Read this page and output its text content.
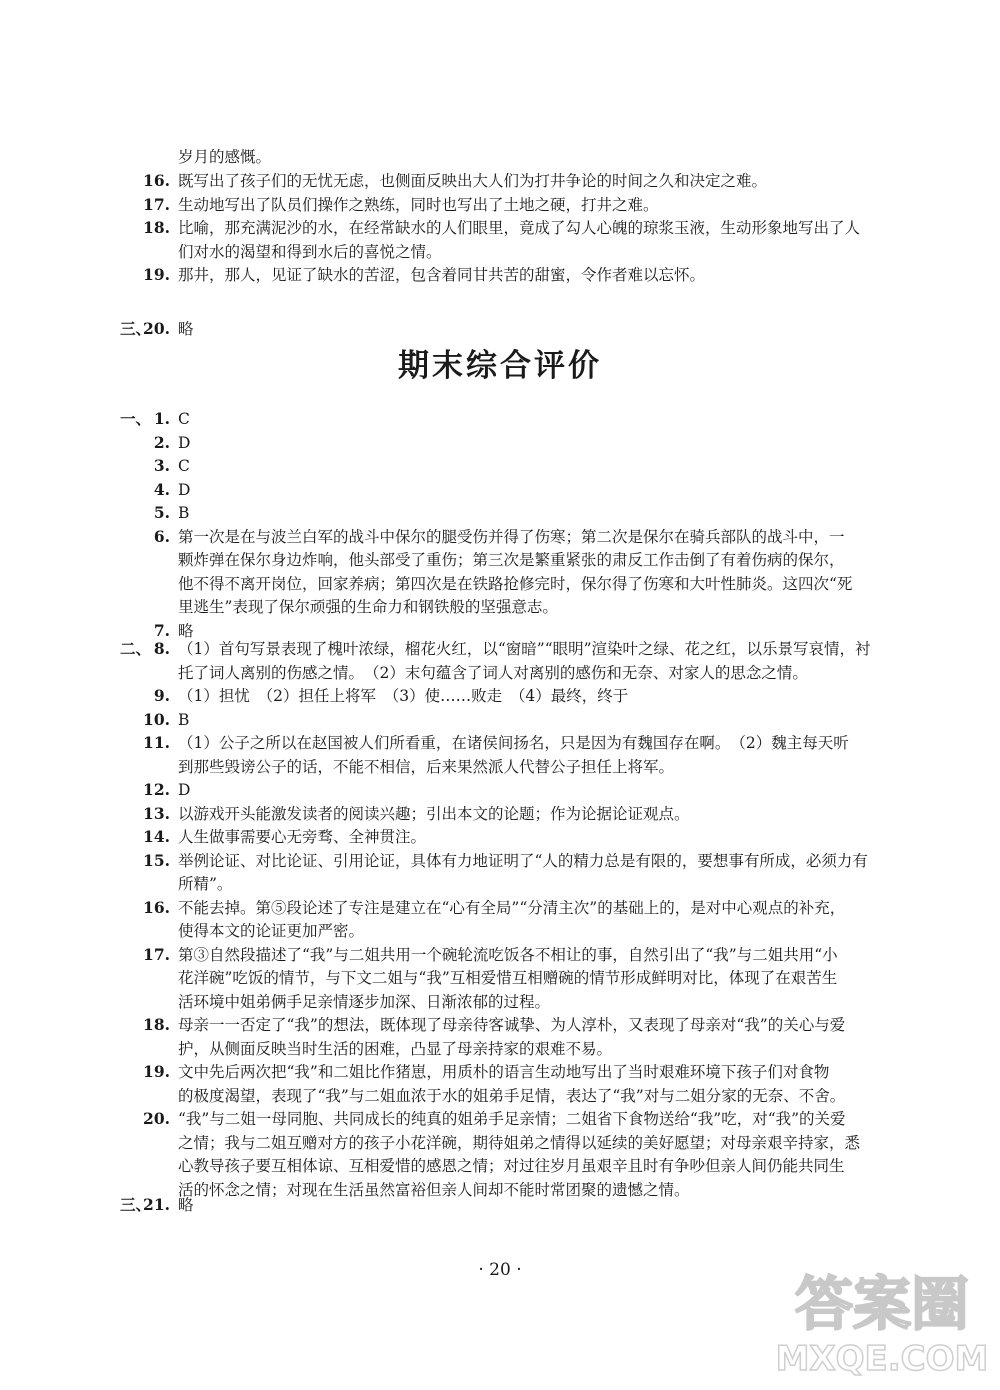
岁月的感慨。
16. 既写出了孩子们的无忧无虑，也侧面反映出大人们为打井争论的时间之久和决定之难。
17. 生动地写出了队员们操作之熟练，同时也写出了土地之硬，打井之难。
18. 比喻，那充满泥沙的水，在经常缺水的人们眼里，竟成了勾人心魄的琼浆玉液，生动形象地写出了人
们对水的渴望和得到水后的喜悦之情。
19. 那井，那人，见证了缺水的苦涩，包含着同甘共苦的甜蜜，令作者难以忘怀。
三、
20. 略
期末综合评价
一、 1. C
2. D
3. C
4. D
5. B
6. 第一次是在与波兰白军的战斗中保尔的腿受伤并得了伤寒；第二次是保尔在骑兵部队的战斗中，一
颗炸弹在保尔身边炸响，他头部受了重伤；第三次是繁重紧张的肃反工作击倒了有着伤病的保尔，
他不得不离开岗位，回家养病；第四次是在铁路抢修完时，保尔得了伤寒和大叶性肺炎。这四次“死
里逃生”表现了保尔顽强的生命力和钢铁般的坚强意志。
7. 略
二、 8. （1）首句写景表现了槐叶浓绿，榴花火红，以“窗暗”“眼明”渲染叶之绿、花之红，以乐景写哀情，衬
托了词人离别的伤感之情。　（2）末句蕴含了词人对离别的感伤和无奈、对家人的思念之情。
9. （1）担忧　（2）担任上将军　（3）使……败走　（4）最终，终于
10. B
11. （1）公子之所以在赵国被人们所看重，在诸侯间扬名，只是因为有魏国存在啊。　（2）魏主每天听
到那些毁谤公子的话，不能不相信，后来果然派人代替公子担任上将军。
12. D
13. 以游戏开头能激发读者的阅读兴趣；引出本文的论题；作为论据论证观点。
14. 人生做事需要心无旁骛、全神贯注。
15. 举例论证、对比论证、引用论证，具体有力地证明了“人的精力总是有限的，要想事有所成，必须力有
所精”。
16. 不能去掉。第⑤段论述了专注是建立在“心有全局”“分清主次”的基础上的，是对中心观点的补充，
使得本文的论证更加严密。
17. 第③自然段描述了“我”与二姐共用一个碗轮流吃饭各不相让的事，自然引出了“我”与二姐共用“小
花洋碗”吃饭的情节，与下文二姐与“我”互相爱惜互相赠碗的情节形成鲜明对比，体现了在艰苦生
活环境中姐弟俩手足亲情逐步加深、日渐浓郁的过程。
18. 母亲一一否定了“我”的想法，既体现了母亲待客诚挚、为人淳朴，又表现了母亲对“我”的关心与爱
护，从侧面反映当时生活的困难，凸显了母亲持家的艰难不易。
19. 文中先后两次把“我”和二姐比作猪崽，用质朴的语言生动地写出了当时艰难环境下孩子们对食物
的极度渴望，表现了“我”与二姐血浓于水的姐弟手足情，表达了“我”对与二姐分家的无奈、不舍。
20. “我”与二姐一母同胞、共同成长的纯真的姐弟手足亲情；二姐省下食物送给“我”吃，对“我”的关爱
之情；我与二姐互赠对方的孩子小花洋碗，期待姐弟之情得以延续的美好愿望；对母亲艰辛持家，悉
心教导孩子要互相体谅、互相爱惜的感恩之情；对过往岁月虽艰辛且时有争吵但亲人间仍能共同生
活的怀念之情；对现在生活虽然富裕但亲人间却不能时常团聚的遗憾之情。
三、
21. 略
· 20 ·	答案圈
MXQE.COM
